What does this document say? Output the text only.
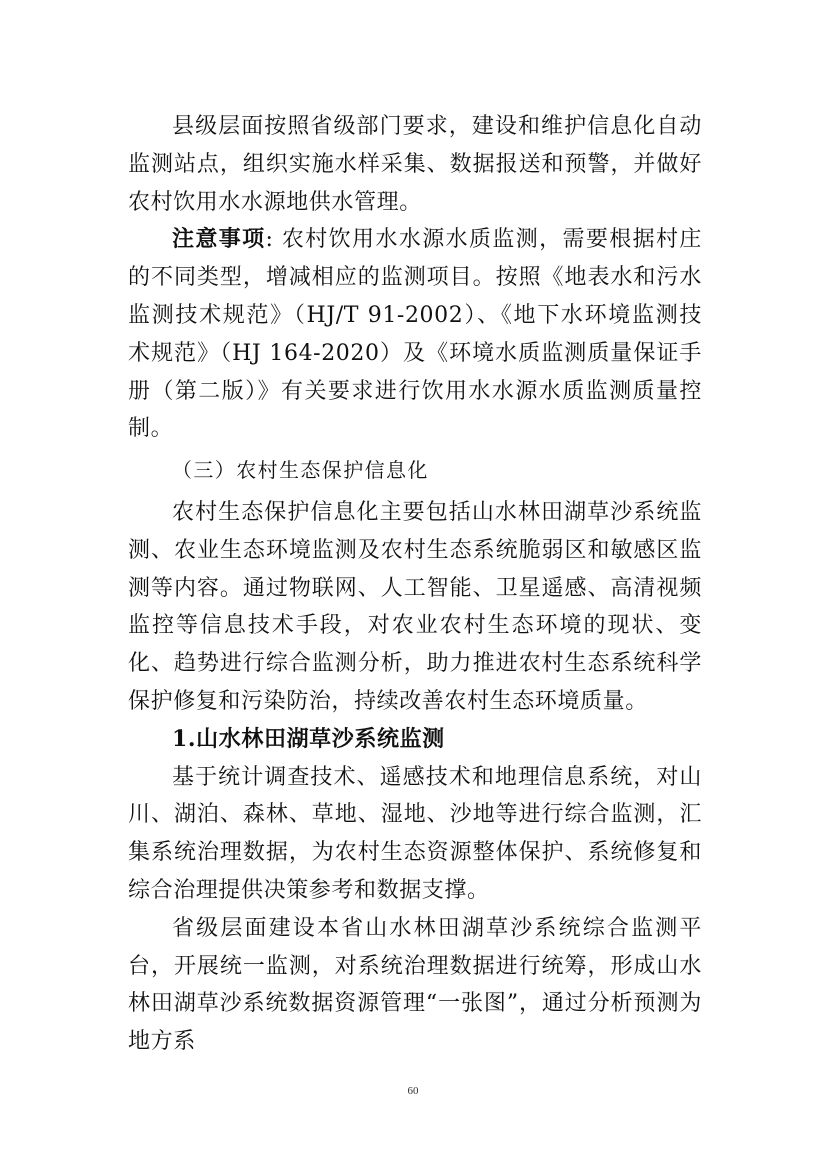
县级层面按照省级部门要求，建设和维护信息化自动监测站点，组织实施水样采集、数据报送和预警，并做好农村饮用水水源地供水管理。

注意事项: 农村饮用水水源水质监测，需要根据村庄的不同类型，增减相应的监测项目。按照《地表水和污水监测技术规范》（HJ/T 91-2002）、《地下水环境监测技术规范》（HJ 164-2020）及《环境水质监测质量保证手册（第二版）》有关要求进行饮用水水源水质监测质量控制。

（三）农村生态保护信息化

农村生态保护信息化主要包括山水林田湖草沙系统监测、农业生态环境监测及农村生态系统脆弱区和敏感区监测等内容。通过物联网、人工智能、卫星遥感、高清视频监控等信息技术手段，对农业农村生态环境的现状、变化、趋势进行综合监测分析，助力推进农村生态系统科学保护修复和污染防治，持续改善农村生态环境质量。

1.山水林田湖草沙系统监测

基于统计调查技术、遥感技术和地理信息系统，对山川、湖泊、森林、草地、湿地、沙地等进行综合监测，汇集系统治理数据，为农村生态资源整体保护、系统修复和综合治理提供决策参考和数据支撑。

省级层面建设本省山水林田湖草沙系统综合监测平台，开展统一监测，对系统治理数据进行统筹，形成山水林田湖草沙系统数据资源管理“一张图”，通过分析预测为地方系

60
